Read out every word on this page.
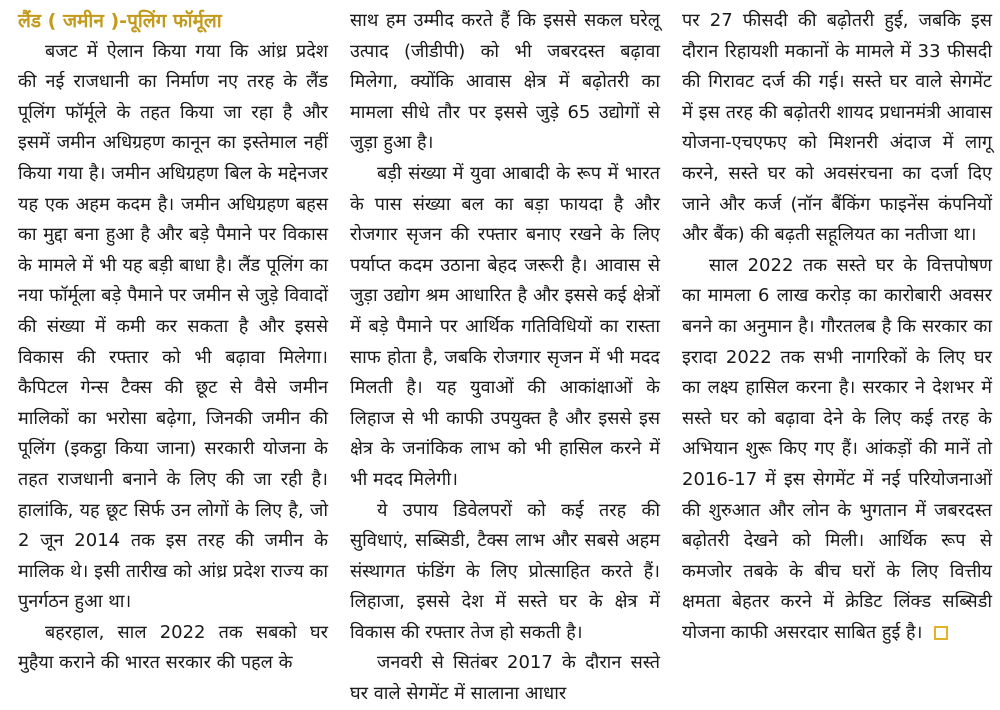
लैंड ( जमीन )-पूलिंग फॉर्मूला

बजट में ऐलान किया गया कि आंध्र प्रदेश की नई राजधानी का निर्माण नए तरह के लैंड पूलिंग फॉर्मूले के तहत किया जा रहा है और इसमें जमीन अधिग्रहण कानून का इस्तेमाल नहीं किया गया है। जमीन अधिग्रहण बिल के मद्देनजर यह एक अहम कदम है। जमीन अधिग्रहण बहस का मुद्दा बना हुआ है और बड़े पैमाने पर विकास के मामले में भी यह बड़ी बाधा है। लैंड पूलिंग का नया फॉर्मूला बड़े पैमाने पर जमीन से जुड़े विवादों की संख्या में कमी कर सकता है और इससे विकास की रफ्तार को भी बढ़ावा मिलेगा। कैपिटल गेन्स टैक्स की छूट से वैसे जमीन मालिकों का भरोसा बढ़ेगा, जिनकी जमीन की पूलिंग (इकट्ठा किया जाना) सरकारी योजना के तहत राजधानी बनाने के लिए की जा रही है। हालांकि, यह छूट सिर्फ उन लोगों के लिए है, जो 2 जून 2014 तक इस तरह की जमीन के मालिक थे। इसी तारीख को आंध्र प्रदेश राज्य का पुनर्गठन हुआ था।

बहरहाल, साल 2022 तक सबको घर मुहैया कराने की भारत सरकार की पहल के

साथ हम उम्मीद करते हैं कि इससे सकल घरेलू उत्पाद (जीडीपी) को भी जबरदस्त बढ़ावा मिलेगा, क्योंकि आवास क्षेत्र में बढ़ोतरी का मामला सीधे तौर पर इससे जुड़े 65 उद्योगों से जुड़ा हुआ है।

बड़ी संख्या में युवा आबादी के रूप में भारत के पास संख्या बल का बड़ा फायदा है और रोजगार सृजन की रफ्तार बनाए रखने के लिए पर्याप्त कदम उठाना बेहद जरूरी है। आवास से जुड़ा उद्योग श्रम आधारित है और इससे कई क्षेत्रों में बड़े पैमाने पर आर्थिक गतिविधियों का रास्ता साफ होता है, जबकि रोजगार सृजन में भी मदद मिलती है। यह युवाओं की आकांक्षाओं के लिहाज से भी काफी उपयुक्त है और इससे इस क्षेत्र के जनांकिक लाभ को भी हासिल करने में भी मदद मिलेगी।

ये उपाय डिवेलपरों को कई तरह की सुविधाएं, सब्सिडी, टैक्स लाभ और सबसे अहम संस्थागत फंडिंग के लिए प्रोत्साहित करते हैं। लिहाजा, इससे देश में सस्ते घर के क्षेत्र में विकास की रफ्तार तेज हो सकती है।

जनवरी से सितंबर 2017 के दौरान सस्ते घर वाले सेगमेंट में सालाना आधार

पर 27 फीसदी की बढ़ोतरी हुई, जबकि इस दौरान रिहायशी मकानों के मामले में 33 फीसदी की गिरावट दर्ज की गई। सस्ते घर वाले सेगमेंट में इस तरह की बढ़ोतरी शायद प्रधानमंत्री आवास योजना-एचएफए को मिशनरी अंदाज में लागू करने, सस्ते घर को अवसंरचना का दर्जा दिए जाने और कर्ज (नॉन बैंकिंग फाइनेंस कंपनियों और बैंक) की बढ़ती सहूलियत का नतीजा था।

साल 2022 तक सस्ते घर के वित्तपोषण का मामला 6 लाख करोड़ का कारोबारी अवसर बनने का अनुमान है। गौरतलब है कि सरकार का इरादा 2022 तक सभी नागरिकों के लिए घर का लक्ष्य हासिल करना है। सरकार ने देशभर में सस्ते घर को बढ़ावा देने के लिए कई तरह के अभियान शुरू किए गए हैं। आंकड़ों की मानें तो 2016-17 में इस सेगमेंट में नई परियोजनाओं की शुरुआत और लोन के भुगतान में जबरदस्त बढ़ोतरी देखने को मिली। आर्थिक रूप से कमजोर तबके के बीच घरों के लिए वित्तीय क्षमता बेहतर करने में क्रेडिट लिंक्ड सब्सिडी योजना काफी असरदार साबित हुई है।
